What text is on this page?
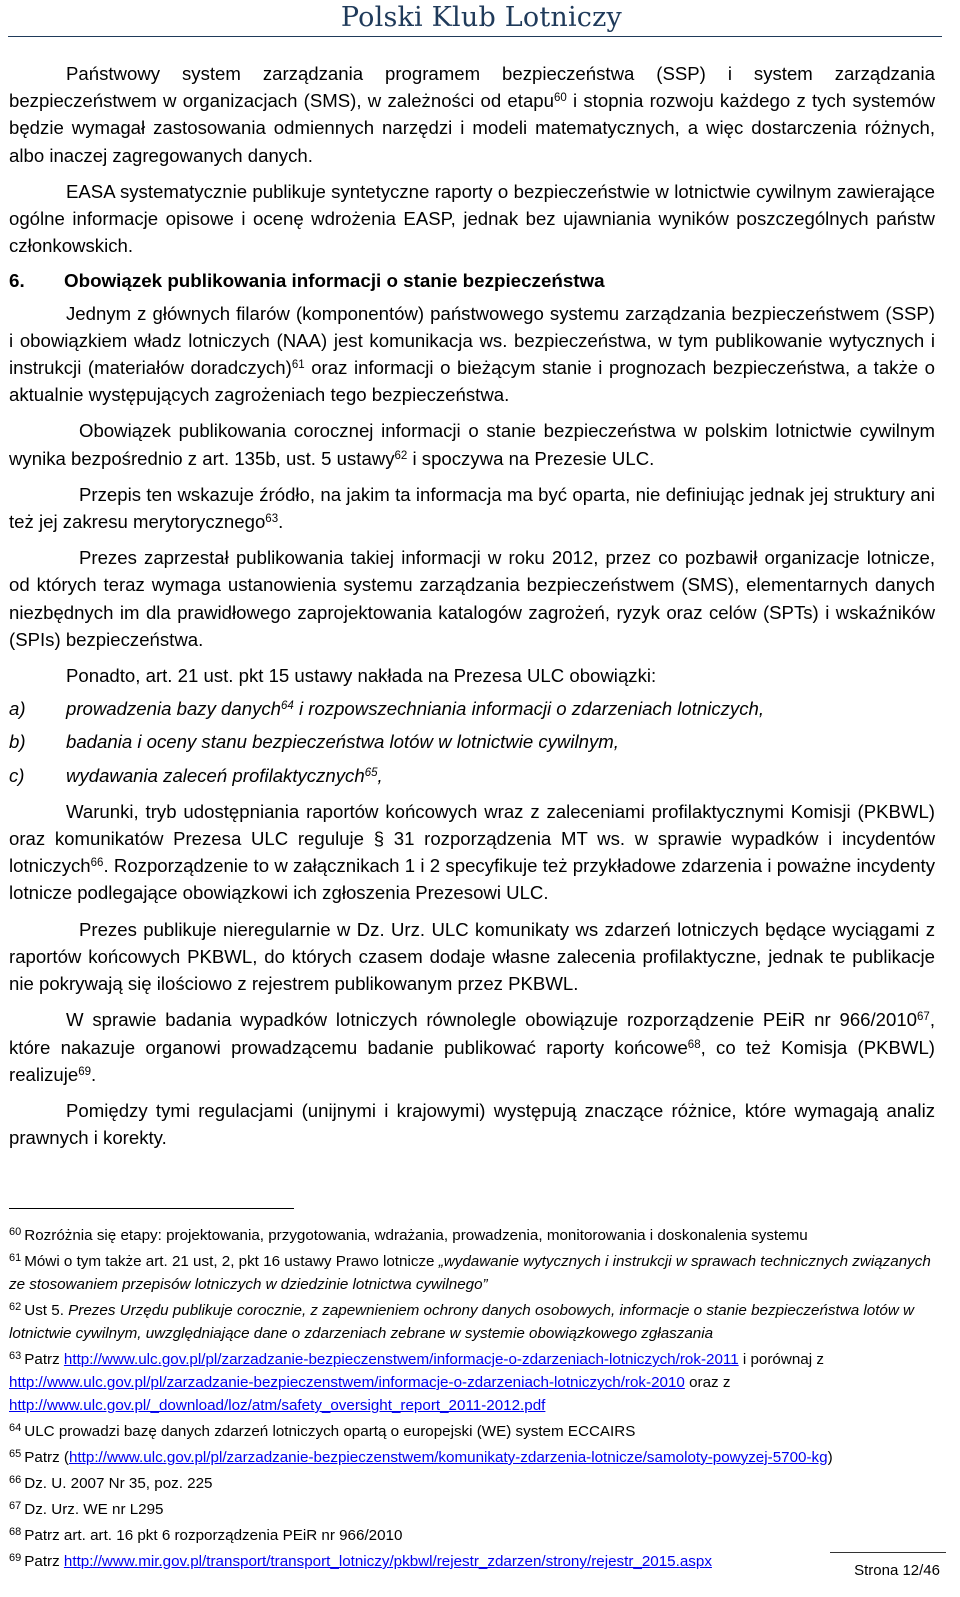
Polski Klub Lotniczy

Państwowy system zarządzania programem bezpieczeństwa (SSP) i system zarządzania bezpieczeństwem w organizacjach (SMS), w zależności od etapu$^{60}$ i stopnia rozwoju każdego z tych systemów będzie wymagał zastosowania odmiennych narzędzi i modeli matematycznych, a więc dostarczenia różnych, albo inaczej zagregowanych danych.

EASA systematycznie publikuje syntetyczne raporty o bezpieczeństwie w lotnictwie cywilnym zawierające ogólne informacje opisowe i ocenę wdrożenia EASP, jednak bez ujawniania wyników poszczególnych państw członkowskich.

6. Obowiązek publikowania informacji o stanie bezpieczeństwa

Jednym z głównych filarów (komponentów) państwowego systemu zarządzania bezpieczeństwem (SSP) i obowiązkiem władz lotniczych (NAA) jest komunikacja ws. bezpieczeństwa, w tym publikowanie wytycznych i instrukcji (materiałów doradczych)$^{61}$ oraz informacji o bieżącym stanie i prognozach bezpieczeństwa, a także o aktualnie występujących zagrożeniach tego bezpieczeństwa.

Obowiązek publikowania corocznej informacji o stanie bezpieczeństwa w polskim lotnictwie cywilnym wynika bezpośrednio z art. 135b, ust. 5 ustawy$^{62}$ i spoczywa na Prezesie ULC.

Przepis ten wskazuje źródło, na jakim ta informacja ma być oparta, nie definiując jednak jej struktury ani też jej zakresu merytorycznego$^{63}$.

Prezes zaprzestał publikowania takiej informacji w roku 2012, przez co pozbawił organizacje lotnicze, od których teraz wymaga ustanowienia systemu zarządzania bezpieczeństwem (SMS), elementarnych danych niezbędnych im dla prawidłowego zaprojektowania katalogów zagrożeń, ryzyk oraz celów (SPTs) i wskaźników (SPIs) bezpieczeństwa.

Ponadto, art. 21 ust. pkt 15 ustawy nakłada na Prezesa ULC obowiązki:

a) prowadzenia bazy danych$^{64}$ i rozpowszechniania informacji o zdarzeniach lotniczych,
b) badania i oceny stanu bezpieczeństwa lotów w lotnictwie cywilnym,
c) wydawania zaleceń profilaktycznych$^{65}$,

Warunki, tryb udostępniania raportów końcowych wraz z zaleceniami profilaktycznymi Komisji (PKBWL) oraz komunikatów Prezesa ULC reguluje § 31 rozporządzenia MT ws. w sprawie wypadków i incydentów lotniczych$^{66}$. Rozporządzenie to w załącznikach 1 i 2 specyfikuje też przykładowe zdarzenia i poważne incydenty lotnicze podlegające obowiązkowi ich zgłoszenia Prezesowi ULC.

Prezes publikuje nieregularnie w Dz. Urz. ULC komunikaty ws zdarzeń lotniczych będące wyciągami z raportów końcowych PKBWL, do których czasem dodaje własne zalecenia profilaktyczne, jednak te publikacje nie pokrywają się ilościowo z rejestrem publikowanym przez PKBWL.

W sprawie badania wypadków lotniczych równolegle obowiązuje rozporządzenie PEiR nr 966/2010$^{67}$, które nakazuje organowi prowadzącemu badanie publikować raporty końcowe$^{68}$, co też Komisja (PKBWL) realizuje$^{69}$.

Pomiędzy tymi regulacjami (unijnymi i krajowymi) występują znaczące różnice, które wymagają analiz prawnych i korekty.

$^{60}$ Rozróżnia się etapy: projektowania, przygotowania, wdrażania, prowadzenia, monitorowania i doskonalenia systemu

$^{61}$ Mówi o tym także art. 21 ust, 2, pkt 16 ustawy Prawo lotnicze „wydawanie wytycznych i instrukcji w sprawach technicznych związanych ze stosowaniem przepisów lotniczych w dziedzinie lotnictwa cywilnego”

$^{62}$ Ust 5. Prezes Urzędu publikuje corocznie, z zapewnieniem ochrony danych osobowych, informacje o stanie bezpieczeństwa lotów w lotnictwie cywilnym, uwzględniające dane o zdarzeniach zebrane w systemie obowiązkowego zgłaszania

$^{63}$ Patrz http://www.ulc.gov.pl/pl/zarzadzanie-bezpieczenstwem/informacje-o-zdarzeniach-lotniczych/rok-2011 i porównaj z http://www.ulc.gov.pl/pl/zarzadzanie-bezpieczenstwem/informacje-o-zdarzeniach-lotniczych/rok-2010 oraz z http://www.ulc.gov.pl/_download/loz/atm/safety_oversight_report_2011-2012.pdf

$^{64}$ ULC prowadzi bazę danych zdarzeń lotniczych opartą o europejski (WE) system ECCAIRS

$^{65}$ Patrz (http://www.ulc.gov.pl/pl/zarzadzanie-bezpieczenstwem/komunikaty-zdarzenia-lotnicze/samoloty-powyzej-5700-kg)

$^{66}$ Dz. U. 2007 Nr 35, poz. 225

$^{67}$ Dz. Urz. WE nr L295

$^{68}$ Patrz art. art. 16 pkt 6 rozporządzenia PEiR nr 966/2010

$^{69}$ Patrz http://www.mir.gov.pl/transport/transport_lotniczy/pkbwl/rejestr_zdarzen/strony/rejestr_2015.aspx

Strona 12/46
